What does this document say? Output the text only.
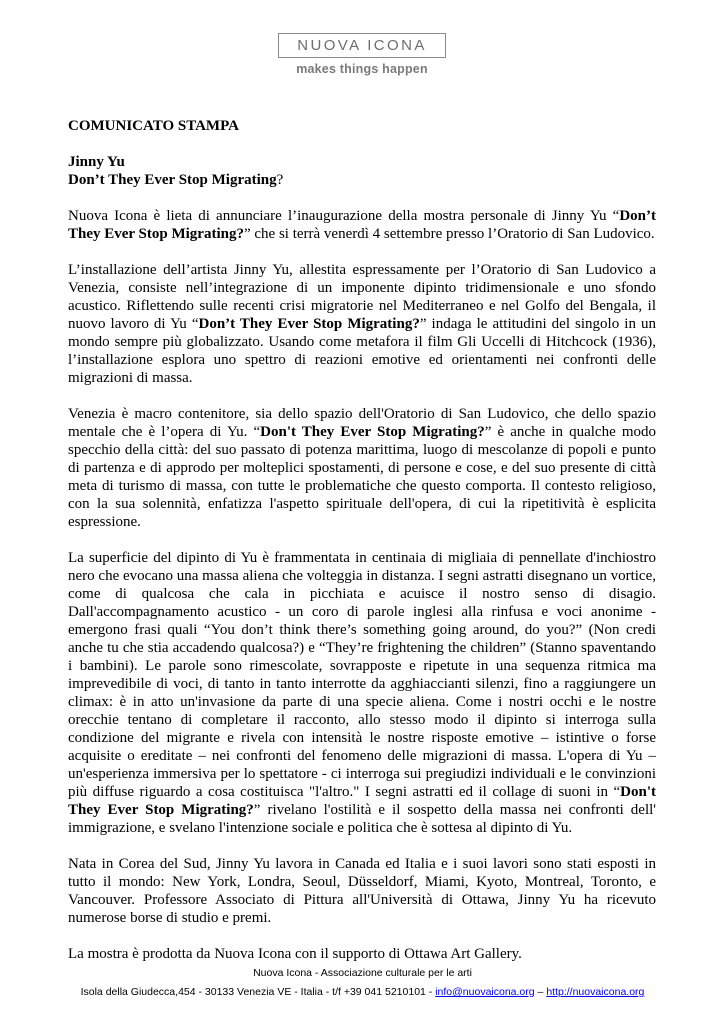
NUOVA ICONA
makes things happen

COMUNICATO STAMPA

Jinny Yu
Don’t They Ever Stop Migrating?

Nuova Icona è lieta di annunciare l’inaugurazione della mostra personale di Jinny Yu “Don’t They Ever Stop Migrating?” che si terrà venerdì 4 settembre presso l’Oratorio di San Ludovico.

L’installazione dell’artista Jinny Yu, allestita espressamente per l’Oratorio di San Ludovico a Venezia, consiste nell’integrazione di un imponente dipinto tridimensionale e uno sfondo acustico. Riflettendo sulle recenti crisi migratorie nel Mediterraneo e nel Golfo del Bengala, il nuovo lavoro di Yu “Don’t They Ever Stop Migrating?” indaga le attitudini del singolo in un mondo sempre più globalizzato. Usando come metafora il film Gli Uccelli di Hitchcock (1936), l’installazione esplora uno spettro di reazioni emotive ed orientamenti nei confronti delle migrazioni di massa.

Venezia è macro contenitore, sia dello spazio dell'Oratorio di San Ludovico, che dello spazio mentale che è l’opera di Yu. “Don't They Ever Stop Migrating?” è anche in qualche modo specchio della città: del suo passato di potenza marittima, luogo di mescolanze di popoli e punto di partenza e di approdo per molteplici spostamenti, di persone e cose, e del suo presente di città meta di turismo di massa, con tutte le problematiche che questo comporta. Il contesto religioso, con la sua solennità, enfatizza l'aspetto spirituale dell'opera, di cui la ripetitività è esplicita espressione.

La superficie del dipinto di Yu è frammentata in centinaia di migliaia di pennellate d'inchiostro nero che evocano una massa aliena che volteggia in distanza. I segni astratti disegnano un vortice, come di qualcosa che cala in picchiata e acuisce il nostro senso di disagio. Dall'accompagnamento acustico - un coro di parole inglesi alla rinfusa e voci anonime - emergono frasi quali “You don’t think there’s something going around, do you?” (Non credi anche tu che stia accadendo qualcosa?) e “They’re frightening the children” (Stanno spaventando i bambini). Le parole sono rimescolate, sovrapposte e ripetute in una sequenza ritmica ma imprevedibile di voci, di tanto in tanto interrotte da agghiaccianti silenzi, fino a raggiungere un climax: è in atto un'invasione da parte di una specie aliena. Come i nostri occhi e le nostre orecchie tentano di completare il racconto, allo stesso modo il dipinto si interroga sulla condizione del migrante e rivela con intensità le nostre risposte emotive – istintive o forse acquisite o ereditate – nei confronti del fenomeno delle migrazioni di massa. L'opera di Yu – un'esperienza immersiva per lo spettatore - ci interroga sui pregiudizi individuali e le convinzioni più diffuse riguardo a cosa costituisca "l'altro." I segni astratti ed il collage di suoni in “Don't They Ever Stop Migrating?” rivelano l'ostilità e il sospetto della massa nei confronti dell' immigrazione, e svelano l'intenzione sociale e politica che è sottesa al dipinto di Yu.

Nata in Corea del Sud, Jinny Yu lavora in Canada ed Italia e i suoi lavori sono stati esposti in tutto il mondo: New York, Londra, Seoul, Düsseldorf, Miami, Kyoto, Montreal, Toronto, e Vancouver. Professore Associato di Pittura all'Università di Ottawa, Jinny Yu ha ricevuto numerose borse di studio e premi.

La mostra è prodotta da Nuova Icona con il supporto di Ottawa Art Gallery.

Nuova Icona - Associazione culturale per le arti
Isola della Giudecca,454 - 30133 Venezia VE - Italia - t/f +39 041 5210101 - info@nuovaicona.org – http://nuovaicona.org
